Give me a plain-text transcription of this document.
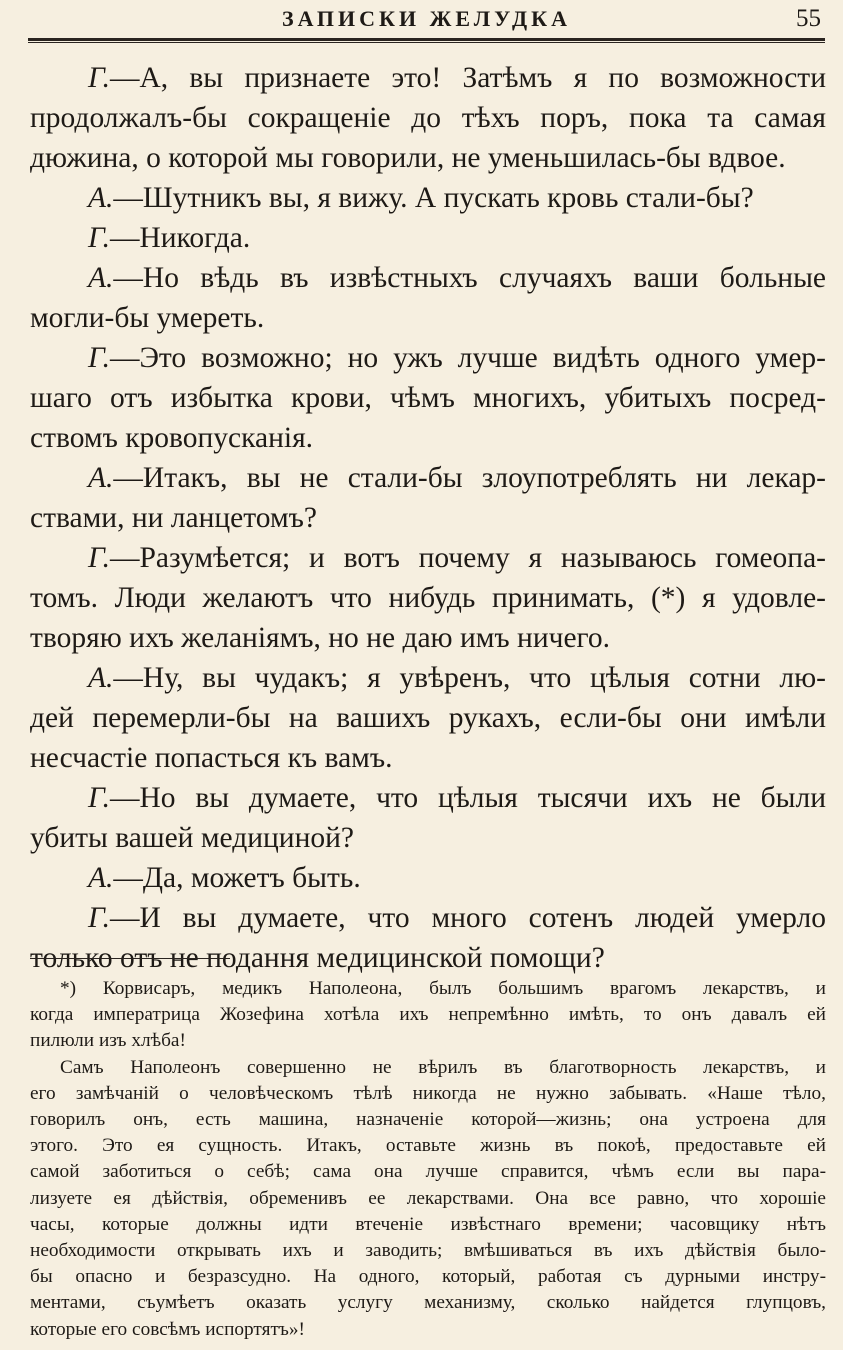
ЗАПИСКИ ЖЕЛУДКА	55
Г.—А, вы признаете это! Затѣмъ я по возможности
продолжалъ-бы сокращенiе до тѣхъ поръ, пока та самая
дюжина, о которой мы говорили, не уменьшилась-бы вдвое.
А.—Шутникъ вы, я вижу. А пускать кровь стали-бы?
Г.—Никогда.
А.—Но вѣдь въ извѣстныхъ случаяхъ ваши больные
могли-бы умереть.
Г.—Это возможно; но ужъ лучше видѣть одного умер-
шаго отъ избытка крови, чѣмъ многихъ, убитыхъ посред-
ствомъ кровопусканiя.
А.—Итакъ, вы не стали-бы злоупотреблять ни лекар-
ствами, ни ланцетомъ?
Г.—Разумѣется; и вотъ почему я называюсь гомеопа-
томъ. Люди желаютъ что нибудь принимать, (*) я удовле-
творяю ихъ желанiямъ, но не даю имъ ничего.
А.—Ну, вы чудакъ; я увѣренъ, что цѣлыя сотни лю-
дей перемерли-бы на вашихъ рукахъ, если-бы они имѣли
несчастiе попасться къ вамъ.
Г.—Но вы думаете, что цѣлыя тысячи ихъ не были
убиты вашей медициной?
А.—Да, можетъ быть.
Г.—И вы думаете, что много сотенъ людей умерло
только отъ не подання медицинской помощи?
*) Корвисаръ, медикъ Наполеона, былъ большимъ врагомъ лекарствъ, и
когда императрица Жозефина хотѣла ихъ непремѣнно имѣть, то онъ давалъ ей
пилюли изъ хлѣба!
Самъ Наполеонъ совершенно не вѣрилъ въ благотворность лекарствъ, и
его замѣчанiй о человѣческомъ тѣлѣ никогда не нужно забывать. «Наше тѣло,
говорилъ онъ, есть машина, назначенiе которой—жизнь; она устроена для
этого. Это ея сущность. Итакъ, оставьте жизнь въ покоѣ, предоставьте ей
самой заботиться о себѣ; сама она лучше справится, чѣмъ если вы пара-
лизуете ея дѣйствiя, обременивъ ее лекарствами. Она все равно, что хорошiе
часы, которые должны идти втеченiе извѣстнаго времени; часовщику нѣтъ
необходимости открывать ихъ и заводить; вмѣшиваться въ ихъ дѣйствiя было-
бы опасно и безразсудно. На одного, который, работая съ дурными инстру-
ментами, съумѣетъ оказать услугу механизму, сколько найдется глупцовъ,
которые его совсѣмъ испортятъ»!
